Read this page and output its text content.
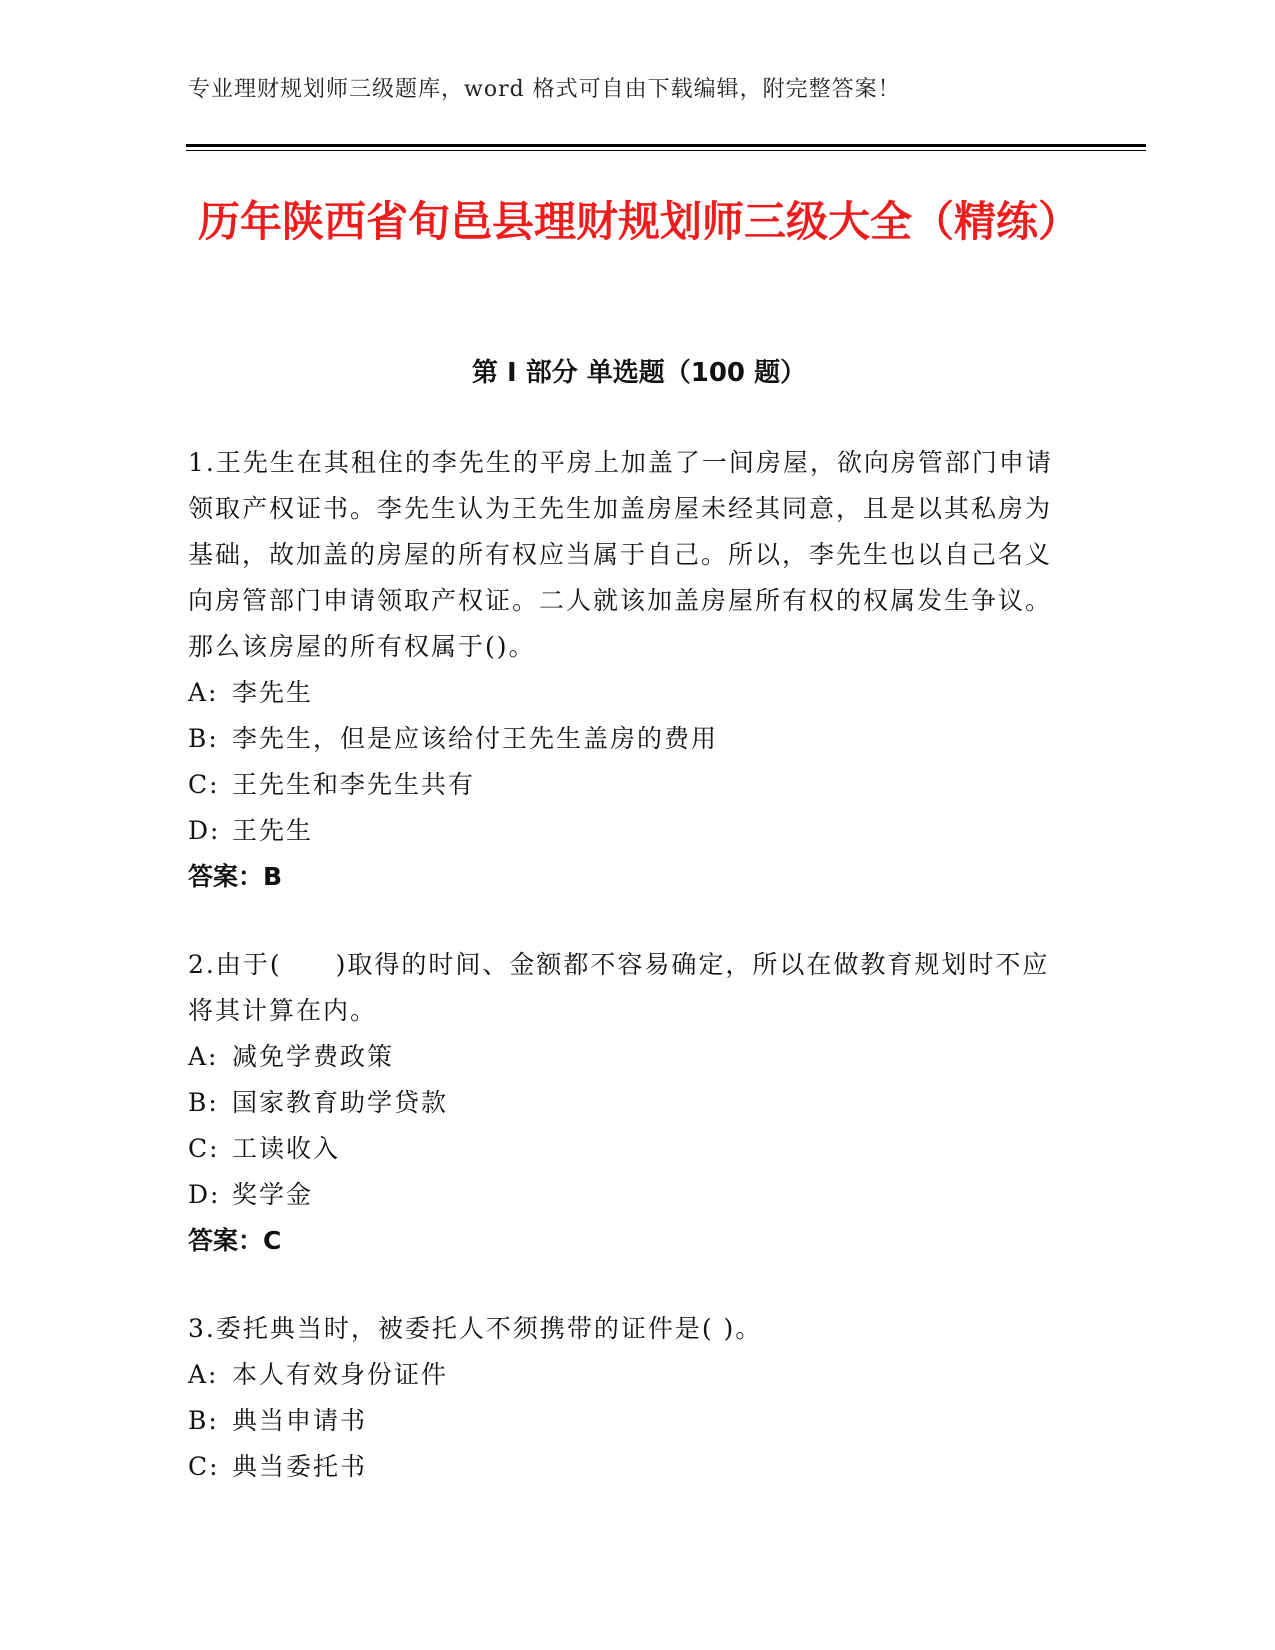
专业理财规划师三级题库，word 格式可自由下载编辑，附完整答案！
历年陕西省旬邑县理财规划师三级大全（精练）
第 I 部分 单选题（100 题）

1.王先生在其租住的李先生的平房上加盖了一间房屋，欲向房管部门申请领取产权证书。李先生认为王先生加盖房屋未经其同意，且是以其私房为基础，故加盖的房屋的所有权应当属于自己。所以，李先生也以自己名义向房管部门申请领取产权证。二人就该加盖房屋所有权的权属发生争议。那么该房屋的所有权属于()。

A: 李先生

B: 李先生，但是应该给付王先生盖房的费用

C: 王先生和李先生共有

D: 王先生

答案：B

2.由于(　　)取得的时间、金额都不容易确定，所以在做教育规划时不应将其计算在内。

A: 减免学费政策

B: 国家教育助学贷款

C: 工读收入

D: 奖学金

答案：C

3.委托典当时，被委托人不须携带的证件是( )。

A: 本人有效身份证件

B: 典当申请书

C: 典当委托书
